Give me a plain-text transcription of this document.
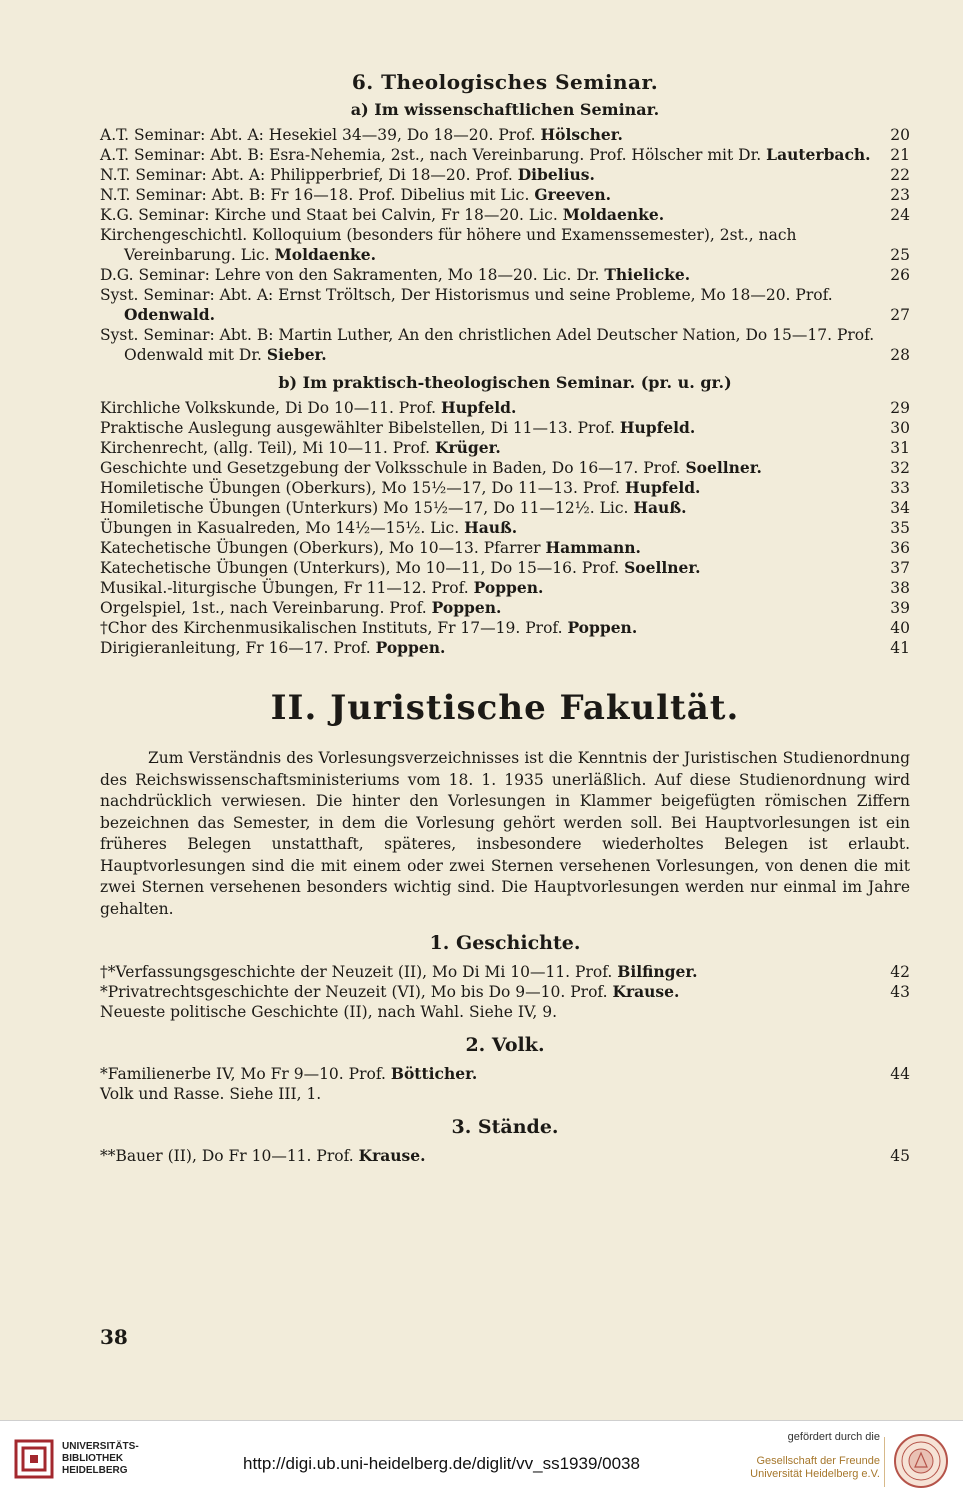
6. Theologisches Seminar.
a) Im wissenschaftlichen Seminar.
A.T. Seminar: Abt. A: Hesekiel 34—39, Do 18—20. Prof. Hölscher.	20
A.T. Seminar: Abt. B: Esra-Nehemia, 2st., nach Vereinbarung. Prof. Hölscher mit Dr. Lauterbach.	21
N.T. Seminar: Abt. A: Philipperbrief, Di 18—20. Prof. Dibelius.	22
N.T. Seminar: Abt. B: Fr 16—18. Prof. Dibelius mit Lic. Greeven.	23
K.G. Seminar: Kirche und Staat bei Calvin, Fr 18—20. Lic. Moldaenke.	24
Kirchengeschichtl. Kolloquium (besonders für höhere und Examenssemester), 2st., nach Vereinbarung. Lic. Moldaenke.	25
D.G. Seminar: Lehre von den Sakramenten, Mo 18—20. Lic. Dr. Thielicke.	26
Syst. Seminar: Abt. A: Ernst Tröltsch, Der Historismus und seine Probleme, Mo 18—20. Prof. Odenwald.	27
Syst. Seminar: Abt. B: Martin Luther, An den christlichen Adel Deutscher Nation, Do 15—17. Prof. Odenwald mit Dr. Sieber.	28
b) Im praktisch-theologischen Seminar. (pr. u. gr.)
Kirchliche Volkskunde, Di Do 10—11. Prof. Hupfeld.	29
Praktische Auslegung ausgewählter Bibelstellen, Di 11—13. Prof. Hupfeld.	30
Kirchenrecht, (allg. Teil), Mi 10—11. Prof. Krüger.	31
Geschichte und Gesetzgebung der Volksschule in Baden, Do 16—17. Prof. Soellner.	32
Homiletische Übungen (Oberkurs), Mo 15½—17, Do 11—13. Prof. Hupfeld.	33
Homiletische Übungen (Unterkurs) Mo 15½—17, Do 11—12½. Lic. Hauß.	34
Übungen in Kasualreden, Mo 14½—15½. Lic. Hauß.	35
Katechetische Übungen (Oberkurs), Mo 10—13. Pfarrer Hammann.	36
Katechetische Übungen (Unterkurs), Mo 10—11, Do 15—16. Prof. Soellner.	37
Musikal.-liturgische Übungen, Fr 11—12. Prof. Poppen.	38
Orgelspiel, 1st., nach Vereinbarung. Prof. Poppen.	39
†Chor des Kirchenmusikalischen Instituts, Fr 17—19. Prof. Poppen.	40
Dirigieranleitung, Fr 16—17. Prof. Poppen.	41
II. Juristische Fakultät.

Zum Verständnis des Vorlesungsverzeichnisses ist die Kenntnis der Juristischen Studienordnung des Reichswissenschaftsministeriums vom 18. 1. 1935 unerläßlich. Auf diese Studienordnung wird nachdrücklich verwiesen. Die hinter den Vorlesungen in Klammer beigefügten römischen Ziffern bezeichnen das Semester, in dem die Vorlesung gehört werden soll. Bei Hauptvorlesungen ist ein früheres Belegen unstatthaft, späteres, insbesondere wiederholtes Belegen ist erlaubt. Hauptvorlesungen sind die mit einem oder zwei Sternen versehenen Vorlesungen, von denen die mit zwei Sternen versehenen besonders wichtig sind. Die Hauptvorlesungen werden nur einmal im Jahre gehalten.

1. Geschichte.
†*Verfassungsgeschichte der Neuzeit (II), Mo Di Mi 10—11. Prof. Bilfinger.	42
*Privatrechtsgeschichte der Neuzeit (VI), Mo bis Do 9—10. Prof. Krause.	43
Neueste politische Geschichte (II), nach Wahl. Siehe IV, 9.
2. Volk.
*Familienerbe IV, Mo Fr 9—10. Prof. Bötticher.	44
Volk und Rasse. Siehe III, 1.
3. Stände.
**Bauer (II), Do Fr 10—11. Prof. Krause.	45
38
UNIVERSITÄTS-
BIBLIOTHEK
HEIDELBERG	http://digi.ub.uni-heidelberg.de/diglit/vv_ss1939/0038
gefördert durch die
Gesellschaft der Freunde
Universität Heidelberg e.V.
